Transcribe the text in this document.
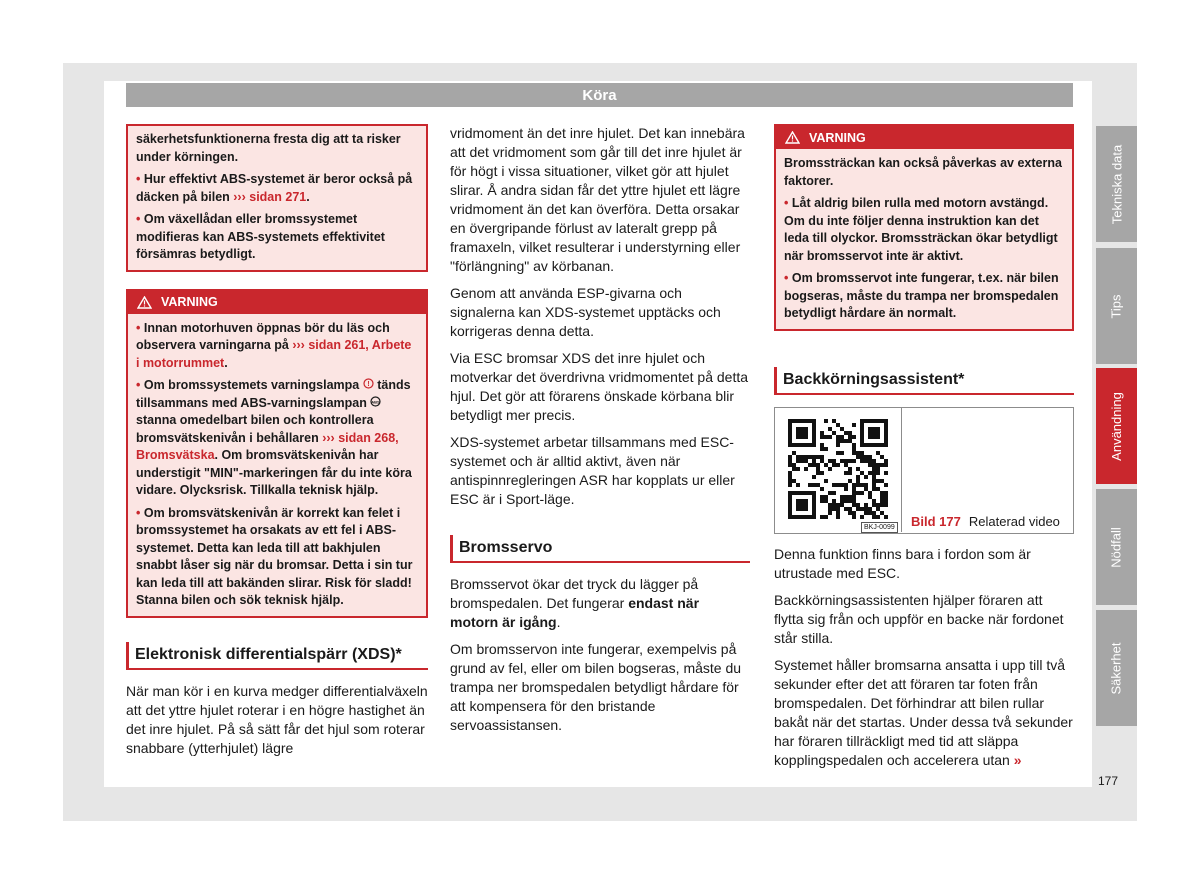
Köra

säkerhetsfunktionerna fresta dig att ta risker under körningen.

• Hur effektivt ABS-systemet är beror också på däcken på bilen ››› sidan 271.

• Om växellådan eller bromssystemet modifieras kan ABS-systemets effektivitet försämras betydligt.

VARNING

• Innan motorhuven öppnas bör du läs och observera varningarna på ››› sidan 261, Arbete i motorrummet.

• Om bromssystemets varningslampa ! tänds tillsammans med ABS-varningslampan ABS
stanna omedelbart bilen och kontrollera bromsvätskenivån i behållaren ››› sidan 268, Bromsvätska. Om bromsvätskenivån har understigit "MIN"-markeringen får du inte köra vidare. Olycksrisk. Tillkalla teknisk hjälp.

• Om bromsvätskenivån är korrekt kan felet i bromssystemet ha orsakats av ett fel i ABS-systemet. Detta kan leda till att bakhjulen snabbt låser sig när du bromsar. Detta i sin tur kan leda till att bakänden slirar. Risk för sladd! Stanna bilen och sök teknisk hjälp.

Elektronisk differentialspärr (XDS)*

När man kör i en kurva medger differentialväxeln att det yttre hjulet roterar i en högre hastighet än det inre hjulet. På så sätt får det hjul som roterar snabbare (ytterhjulet) lägre

vridmoment än det inre hjulet. Det kan innebära att det vridmoment som går till det inre hjulet är för högt i vissa situationer, vilket gör att hjulet slirar. Å andra sidan får det yttre hjulet ett lägre vridmoment än det kan överföra. Detta orsakar en övergripande förlust av lateralt grepp på framaxeln, vilket resulterar i understyrning eller "förlängning" av körbanan.

Genom att använda ESP-givarna och signalerna kan XDS-systemet upptäcks och korrigeras denna detta.

Via ESC bromsar XDS det inre hjulet och motverkar det överdrivna vridmomentet på detta hjul. Det gör att förarens önskade körbana blir betydligt mer precis.

XDS-systemet arbetar tillsammans med ESC-systemet och är alltid aktivt, även när antispinnregleringen ASR har kopplats ur eller ESC är i Sport-läge.

Bromsservo

Bromsservot ökar det tryck du lägger på bromspedalen. Det fungerar endast när motorn är igång.

Om bromsservon inte fungerar, exempelvis på grund av fel, eller om bilen bogseras, måste du trampa ner bromspedalen betydligt hårdare för att kompensera för den bristande servoassistansen.

VARNING

Bromssträckan kan också påverkas av externa faktorer.

• Låt aldrig bilen rulla med motorn avstängd. Om du inte följer denna instruktion kan det leda till olyckor. Bromssträckan ökar betydligt när bromsservot inte är aktivt.

• Om bromsservot inte fungerar, t.ex. när bilen bogseras, måste du trampa ner bromspedalen betydligt hårdare än normalt.

Backkörningsassistent*
BKJ-0099 Bild 177 Relaterad video

Denna funktion finns bara i fordon som är utrustade med ESC.

Backkörningsassistenten hjälper föraren att flytta sig från och uppför en backe när fordonet står stilla.

Systemet håller bromsarna ansatta i upp till två sekunder efter det att föraren tar foten från bromspedalen. Det förhindrar att bilen rullar bakåt när det startas. Under dessa två sekunder har föraren tillräckligt med tid att släppa kopplingspedalen och accelerera utan »

Tekniska data
Tips
Användning
Nödfall
Säkerhet
177
